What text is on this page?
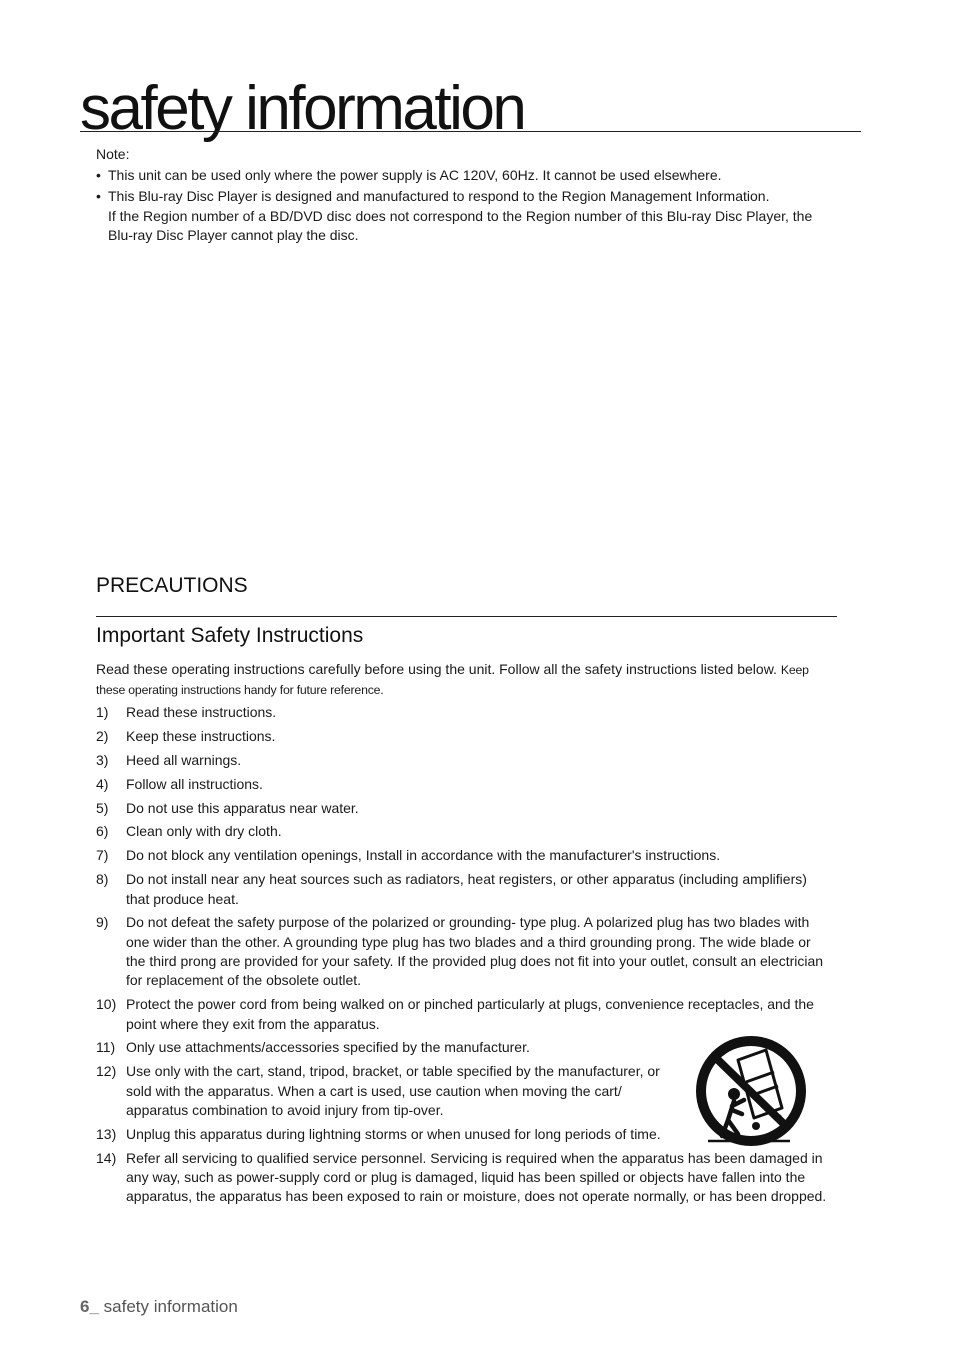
safety information

Note:

• This unit can be used only where the power supply is AC 120V, 60Hz. It cannot be used elsewhere.
• This Blu-ray Disc Player is designed and manufactured to respond to the Region Management Information.
If the Region number of a BD/DVD disc does not correspond to the Region number of this Blu-ray Disc Player, the Blu-ray Disc Player cannot play the disc.
PRECAUTIONS
Important Safety Instructions

Read these operating instructions carefully before using the unit. Follow all the safety instructions listed below. Keep these operating instructions handy for future reference.

1) Read these instructions.
2) Keep these instructions.
3) Heed all warnings.
4) Follow all instructions.
5) Do not use this apparatus near water.
6) Clean only with dry cloth.
7) Do not block any ventilation openings, Install in accordance with the manufacturer's instructions.
8) Do not install near any heat sources such as radiators, heat registers, or other apparatus (including amplifiers) that produce heat.
9) Do not defeat the safety purpose of the polarized or grounding- type plug. A polarized plug has two blades with one wider than the other. A grounding type plug has two blades and a third grounding prong. The wide blade or the third prong are provided for your safety. If the provided plug does not fit into your outlet, consult an electrician for replacement of the obsolete outlet.
10) Protect the power cord from being walked on or pinched particularly at plugs, convenience receptacles, and the point where they exit from the apparatus.
11) Only use attachments/accessories specified by the manufacturer.
12) Use only with the cart, stand, tripod, bracket, or table specified by the manufacturer, or sold with the apparatus. When a cart is used, use caution when moving the cart/ apparatus combination to avoid injury from tip-over.
13) Unplug this apparatus during lightning storms or when unused for long periods of time.
14) Refer all servicing to qualified service personnel. Servicing is required when the apparatus has been damaged in any way, such as power-supply cord or plug is damaged, liquid has been spilled or objects have fallen into the apparatus, the apparatus has been exposed to rain or moisture, does not operate normally, or has been dropped.
6_ safety information
